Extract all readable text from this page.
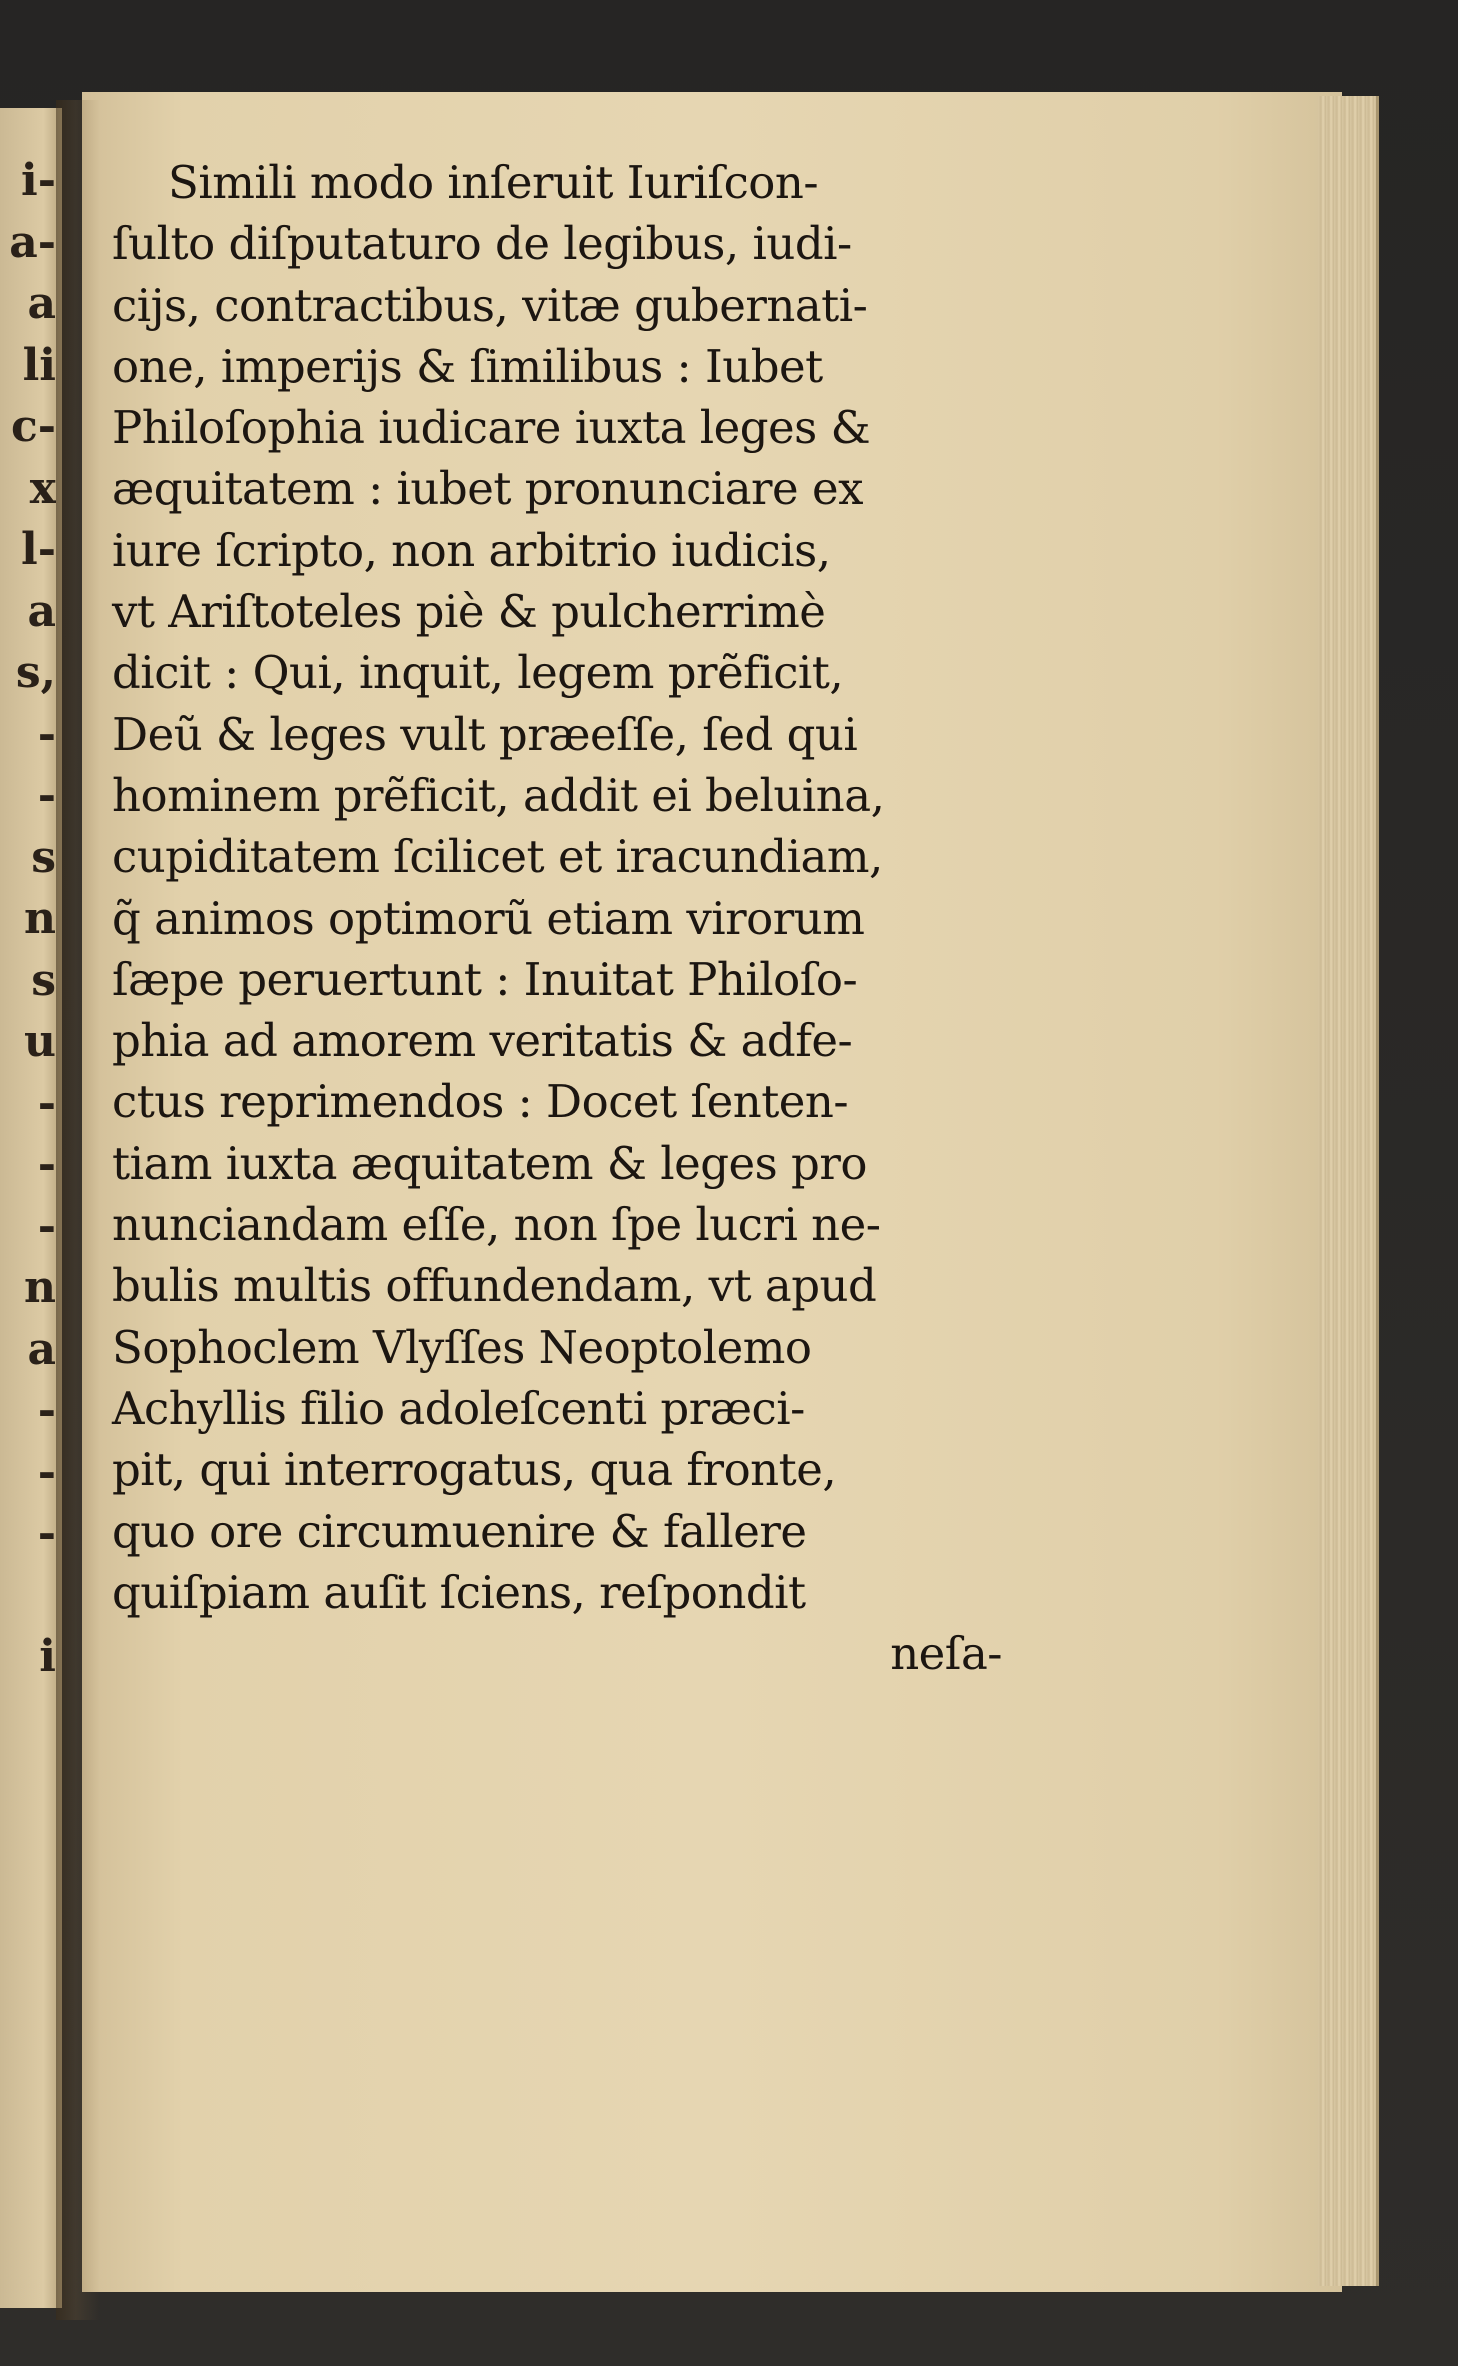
i-
a-
a
li
c-
x
l-
a
s,
-
-
s
n
s
u
-
-
-
n
a
-
-
-
i
Simili modo inſeruit Iuriſcon-
ſulto diſputaturo de legibus, iudi-
cijs, contractibus, vitæ gubernati-
one, imperijs & ſimilibus : Iubet
Philoſophia iudicare iuxta leges &
æquitatem : iubet pronunciare ex
iure ſcripto, non arbitrio iudicis,
vt Ariſtoteles piè & pulcherrimè
dicit : Qui, inquit, legem prẽficit,
Deũ & leges vult præeſſe, ſed qui
hominem prẽficit, addit ei beluina,
cupiditatem ſcilicet et iracundiam,
q̃ animos optimorũ etiam virorum
ſæpe peruertunt : Inuitat Philoſo-
phia ad amorem veritatis & adfe-
ctus reprimendos : Docet ſenten-
tiam iuxta æquitatem & leges pro
nunciandam eſſe, non ſpe lucri ne-
bulis multis offundendam, vt apud
Sophoclem Vlyſſes Neoptolemo
Achyllis filio adoleſcenti præci-
pit, qui interrogatus, qua fronte,
quo ore circumuenire & fallere
quiſpiam auſit ſciens, reſpondit
neſa-
